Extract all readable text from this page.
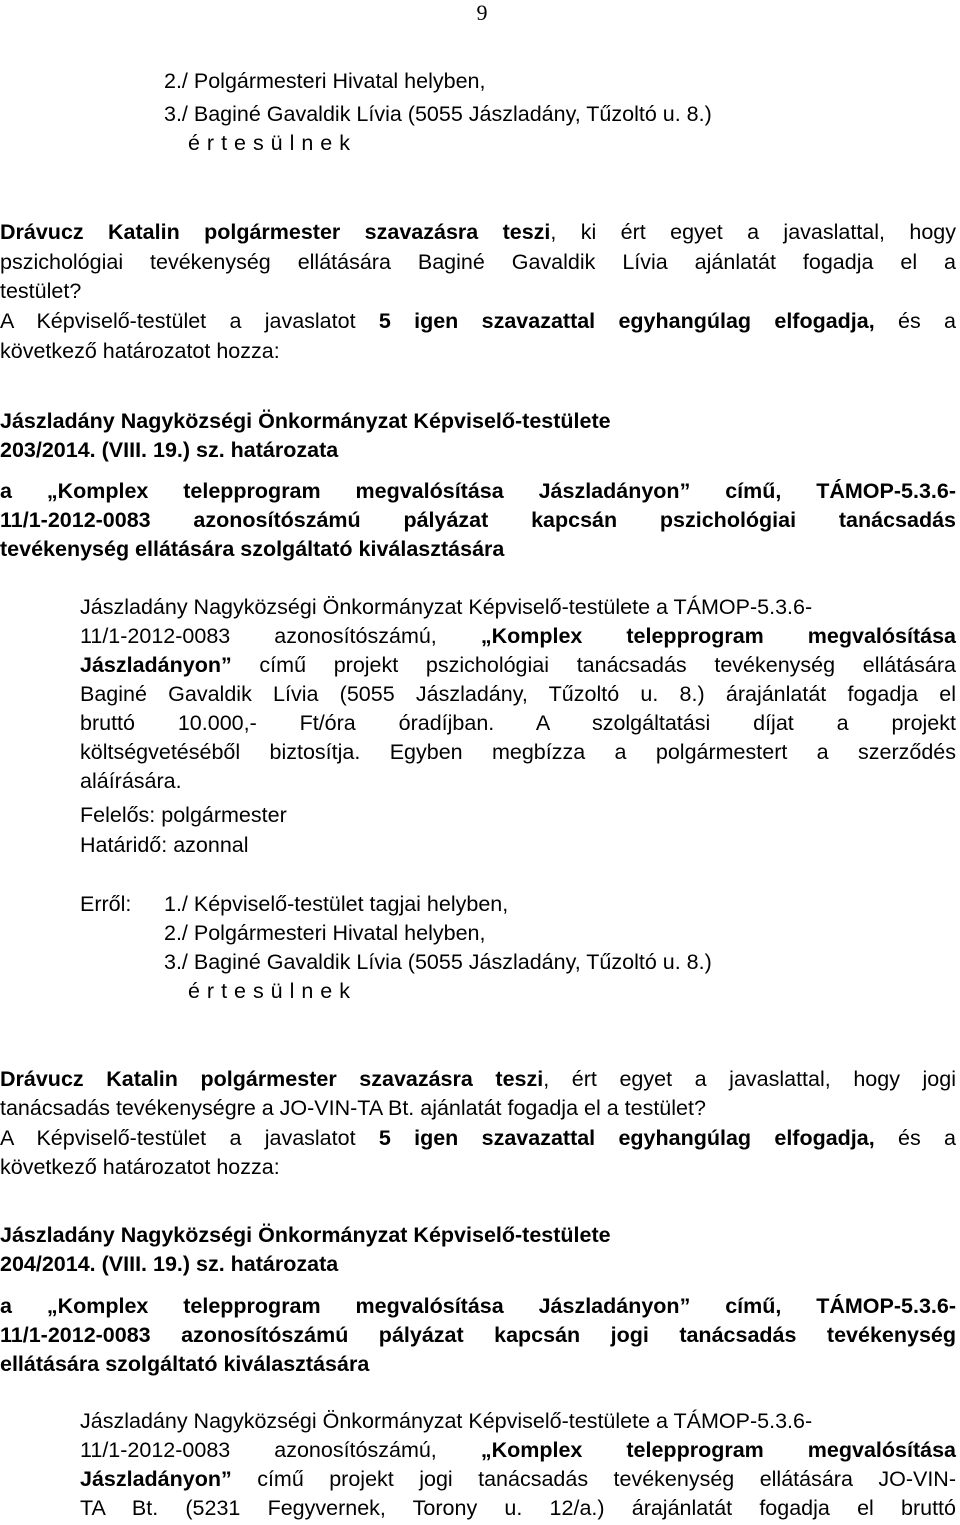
9
2./ Polgármesteri Hivatal helyben,
3./ Baginé Gavaldik Lívia (5055 Jászladány, Tűzoltó u. 8.)
é r t e s ü l n e k
Drávucz Katalin polgármester szavazásra teszi, ki ért egyet a javaslattal, hogy
pszichológiai tevékenység ellátására Baginé Gavaldik Lívia ajánlatát fogadja el a
testület?
A Képviselő-testület a javaslatot 5 igen szavazattal egyhangúlag elfogadja, és a
következő határozatot hozza:
Jászladány Nagyközségi Önkormányzat Képviselő-testülete
203/2014. (VIII. 19.) sz. határozata
a „Komplex telepprogram megvalósítása Jászladányon” című, TÁMOP-5.3.6-
11/1-2012-0083 azonosítószámú pályázat kapcsán pszichológiai tanácsadás
tevékenység ellátására szolgáltató kiválasztására
Jászladány Nagyközségi Önkormányzat Képviselő-testülete a TÁMOP-5.3.6-
11/1-2012-0083 azonosítószámú, „Komplex telepprogram megvalósítása
Jászladányon” című projekt pszichológiai tanácsadás tevékenység ellátására
Baginé Gavaldik Lívia (5055 Jászladány, Tűzoltó u. 8.) árajánlatát fogadja el
bruttó 10.000,- Ft/óra óradíjban. A szolgáltatási díjat a projekt
költségvetéséből biztosítja. Egyben megbízza a polgármestert a szerződés
aláírására.
Felelős: polgármester
Határidő: azonnal
Erről: 1./ Képviselő-testület tagjai helyben,
2./ Polgármesteri Hivatal helyben,
3./ Baginé Gavaldik Lívia (5055 Jászladány, Tűzoltó u. 8.)
é r t e s ü l n e k
Drávucz Katalin polgármester szavazásra teszi, ért egyet a javaslattal, hogy jogi
tanácsadás tevékenységre a JO-VIN-TA Bt. ajánlatát fogadja el a testület?
A Képviselő-testület a javaslatot 5 igen szavazattal egyhangúlag elfogadja, és a
következő határozatot hozza:
Jászladány Nagyközségi Önkormányzat Képviselő-testülete
204/2014. (VIII. 19.) sz. határozata
a „Komplex telepprogram megvalósítása Jászladányon” című, TÁMOP-5.3.6-
11/1-2012-0083 azonosítószámú pályázat kapcsán jogi tanácsadás tevékenység
ellátására szolgáltató kiválasztására
Jászladány Nagyközségi Önkormányzat Képviselő-testülete a TÁMOP-5.3.6-
11/1-2012-0083 azonosítószámú, „Komplex telepprogram megvalósítása
Jászladányon” című projekt jogi tanácsadás tevékenység ellátására JO-VIN-
TA Bt. (5231 Fegyvernek, Torony u. 12/a.) árajánlatát fogadja el bruttó
